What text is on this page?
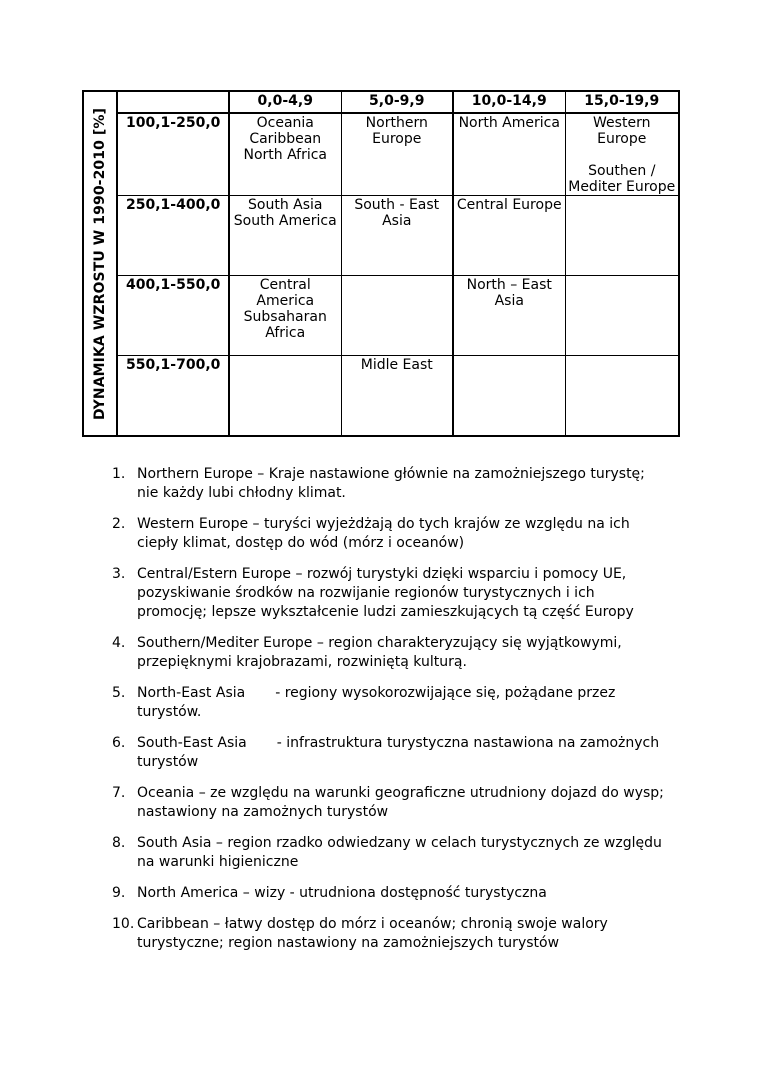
DYNAMIKA WZROSTU W 1990-2010 [%]		0,0-4,9	5,0-9,9	10,0-14,9	15,0-19,9
	100,1-250,0	Oceania
Caribbean
North Africa	Northern
Europe	North America	Western
Europe
Southen /
Mediter Europe

	250,1-400,0	South Asia
South America	South - East
Asia	Central Europe	

	400,1-550,0	Central
America
Subsaharan
Africa		North – East
Asia	

	550,1-700,0		Midle East		

1. Northern Europe – Kraje nastawione głównie na zamożniejszego turystę;
nie każdy lubi chłodny klimat.
2. Western Europe – turyści wyjeżdżają do tych krajów ze względu na ich
ciepły klimat, dostęp do wód (mórz i oceanów)
3. Central/Estern Europe – rozwój turystyki dzięki wsparciu i pomocy UE,
pozyskiwanie środków na rozwijanie regionów turystycznych i ich
promocję; lepsze wykształcenie ludzi zamieszkujących tą część Europy
4. Southern/Mediter Europe – region charakteryzujący się wyjątkowymi,
przepięknymi krajobrazami, rozwiniętą kulturą.
5. North-East Asia - regiony wysokorozwijające się, pożądane przez
turystów.
6. South-East Asia - infrastruktura turystyczna nastawiona na zamożnych
turystów
7. Oceania – ze względu na warunki geograficzne utrudniony dojazd do wysp;
nastawiony na zamożnych turystów
8. South Asia – region rzadko odwiedzany w celach turystycznych ze względu
na warunki higieniczne
9. North America – wizy - utrudniona dostępność turystyczna
10. Caribbean – łatwy dostęp do mórz i oceanów; chronią swoje walory
turystyczne; region nastawiony na zamożniejszych turystów
